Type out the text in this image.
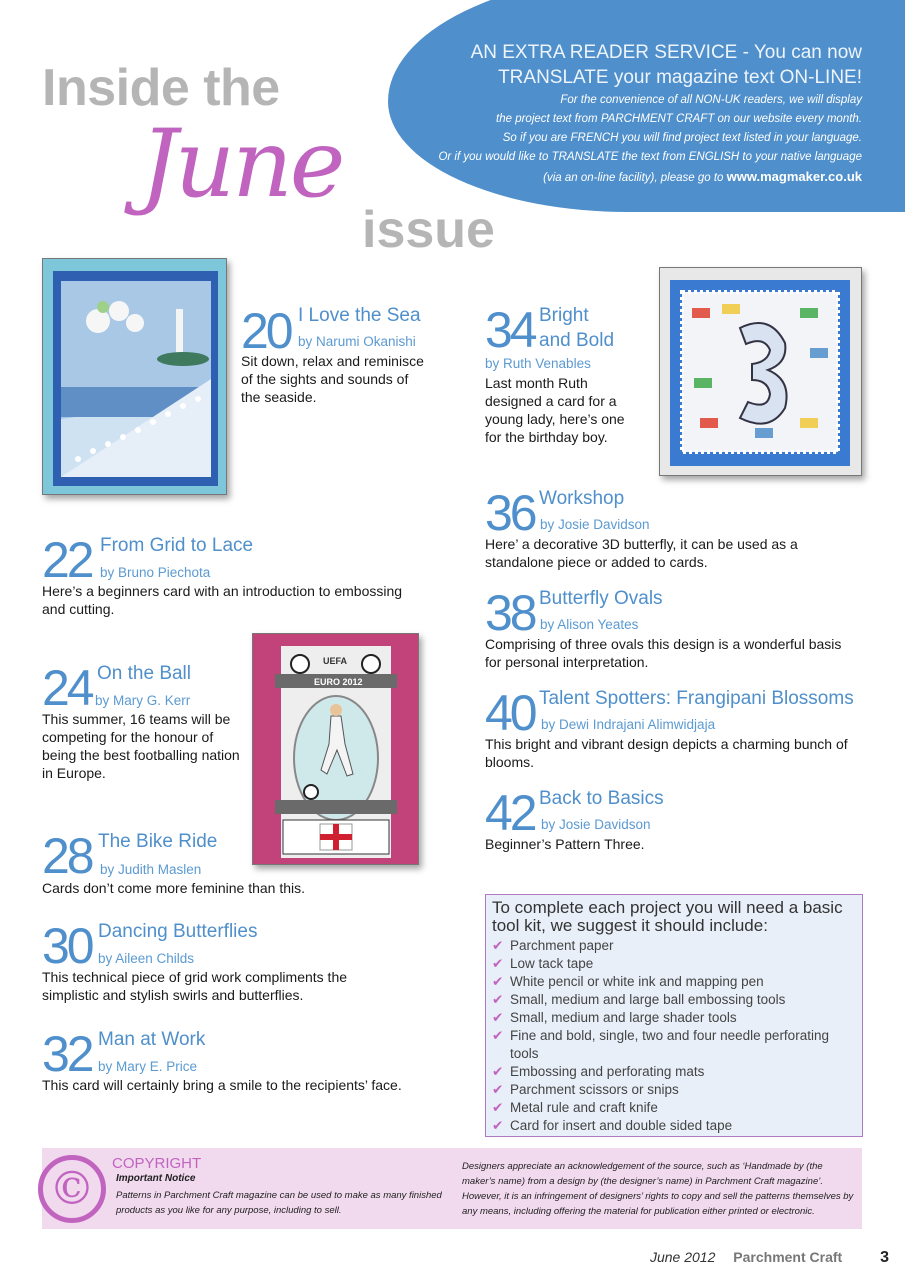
Inside the
June
issue
AN EXTRA READER SERVICE - You can now
TRANSLATE your magazine text ON-LINE!
For the convenience of all NON-UK readers, we will display
the project text from PARCHMENT CRAFT on our website every month.
So if you are FRENCH you will find project text listed in your language.
Or if you would like to TRANSLATE the text from ENGLISH to your native language
(via an on-line facility), please go to www.magmaker.co.uk
UEFA
EURO 2012
20 I Love the Sea
by Narumi Okanishi
Sit down, relax and reminisce of the sights and sounds of the seaside.
22 From Grid to Lace
by Bruno Piechota
Here’s a beginners card with an introduction to embossing and cutting.
24 On the Ball
by Mary G. Kerr
This summer, 16 teams will be competing for the honour of being the best footballing nation in Europe.
28 The Bike Ride
by Judith Maslen
Cards don’t come more feminine than this.
30 Dancing Butterflies
by Aileen Childs
This technical piece of grid work compliments the simplistic and stylish swirls and butterflies.
32 Man at Work
by Mary E. Price
This card will certainly bring a smile to the recipients’ face.
34 Bright
and Bold
by Ruth Venables
Last month Ruth designed a card for a young lady, here’s one for the birthday boy.
36 Workshop
by Josie Davidson
Here’ a decorative 3D butterfly, it can be used as a standalone piece or added to cards.
38 Butterfly Ovals
by Alison Yeates
Comprising of three ovals this design is a wonderful basis for personal interpretation.
40 Talent Spotters: Frangipani Blossoms
by Dewi Indrajani Alimwidjaja
This bright and vibrant design depicts a charming bunch of blooms.
42 Back to Basics
by Josie Davidson
Beginner’s Pattern Three.
To complete each project you will need a basic tool kit, we suggest it should include:
✔ Parchment paper
✔ Low tack tape
✔ White pencil or white ink and mapping pen
✔ Small, medium and large ball embossing tools
✔ Small, medium and large shader tools
✔ Fine and bold, single, two and four needle perforating tools
✔ Embossing and perforating mats
✔ Parchment scissors or snips
✔ Metal rule and craft knife
✔ Card for insert and double sided tape
©	COPYRIGHT
Important Notice
Patterns in Parchment Craft magazine can be used to make as many finished products as you like for any purpose, including to sell.
Designers appreciate an acknowledgement of the source, such as ‘Handmade by (the maker’s name) from a design by (the designer’s name) in Parchment Craft magazine’. However, it is an infringement of designers’ rights to copy and sell the patterns themselves by any means, including offering the material for publication either printed or electronic.
June 2012 Parchment Craft 3
